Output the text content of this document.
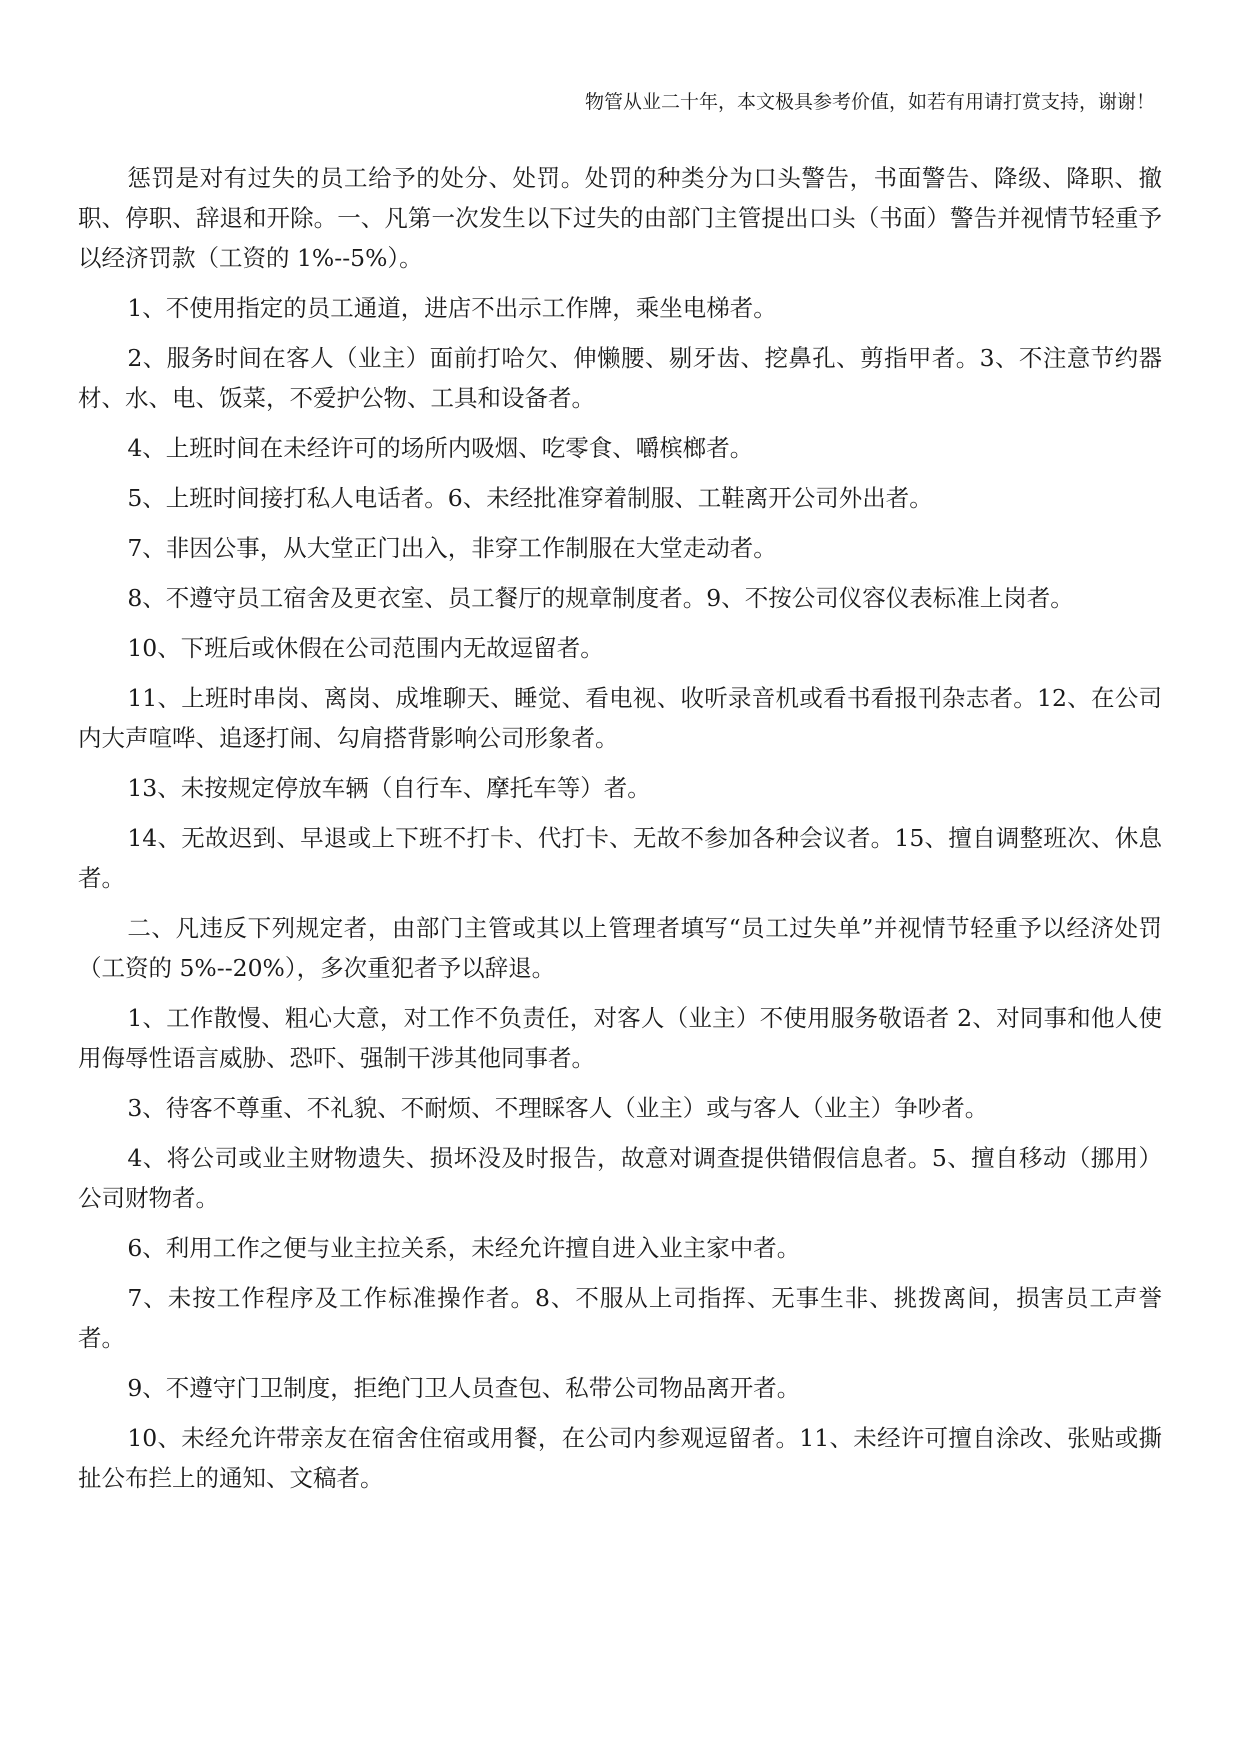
物管从业二十年，本文极具参考价值，如若有用请打赏支持，谢谢！

惩罚是对有过失的员工给予的处分、处罚。处罚的种类分为口头警告，书面警告、降级、降职、撤职、停职、辞退和开除。一、凡第一次发生以下过失的由部门主管提出口头（书面）警告并视情节轻重予以经济罚款（工资的 1%--5%）。

1、不使用指定的员工通道，进店不出示工作牌，乘坐电梯者。

2、服务时间在客人（业主）面前打哈欠、伸懒腰、剔牙齿、挖鼻孔、剪指甲者。3、不注意节约器材、水、电、饭菜，不爱护公物、工具和设备者。

4、上班时间在未经许可的场所内吸烟、吃零食、嚼槟榔者。

5、上班时间接打私人电话者。6、未经批准穿着制服、工鞋离开公司外出者。

7、非因公事，从大堂正门出入，非穿工作制服在大堂走动者。

8、不遵守员工宿舍及更衣室、员工餐厅的规章制度者。9、不按公司仪容仪表标准上岗者。

10、下班后或休假在公司范围内无故逗留者。

11、上班时串岗、离岗、成堆聊天、睡觉、看电视、收听录音机或看书看报刊杂志者。12、在公司内大声喧哗、追逐打闹、勾肩搭背影响公司形象者。

13、未按规定停放车辆（自行车、摩托车等）者。

14、无故迟到、早退或上下班不打卡、代打卡、无故不参加各种会议者。15、擅自调整班次、休息者。

二、凡违反下列规定者，由部门主管或其以上管理者填写“员工过失单”并视情节轻重予以经济处罚（工资的 5%--20%），多次重犯者予以辞退。

1、工作散慢、粗心大意，对工作不负责任，对客人（业主）不使用服务敬语者 2、对同事和他人使用侮辱性语言威胁、恐吓、强制干涉其他同事者。

3、待客不尊重、不礼貌、不耐烦、不理睬客人（业主）或与客人（业主）争吵者。

4、将公司或业主财物遗失、损坏没及时报告，故意对调查提供错假信息者。5、擅自移动（挪用）公司财物者。

6、利用工作之便与业主拉关系，未经允许擅自进入业主家中者。

7、未按工作程序及工作标准操作者。8、不服从上司指挥、无事生非、挑拨离间，损害员工声誉者。

9、不遵守门卫制度，拒绝门卫人员查包、私带公司物品离开者。

10、未经允许带亲友在宿舍住宿或用餐，在公司内参观逗留者。11、未经许可擅自涂改、张贴或撕扯公布拦上的通知、文稿者。
